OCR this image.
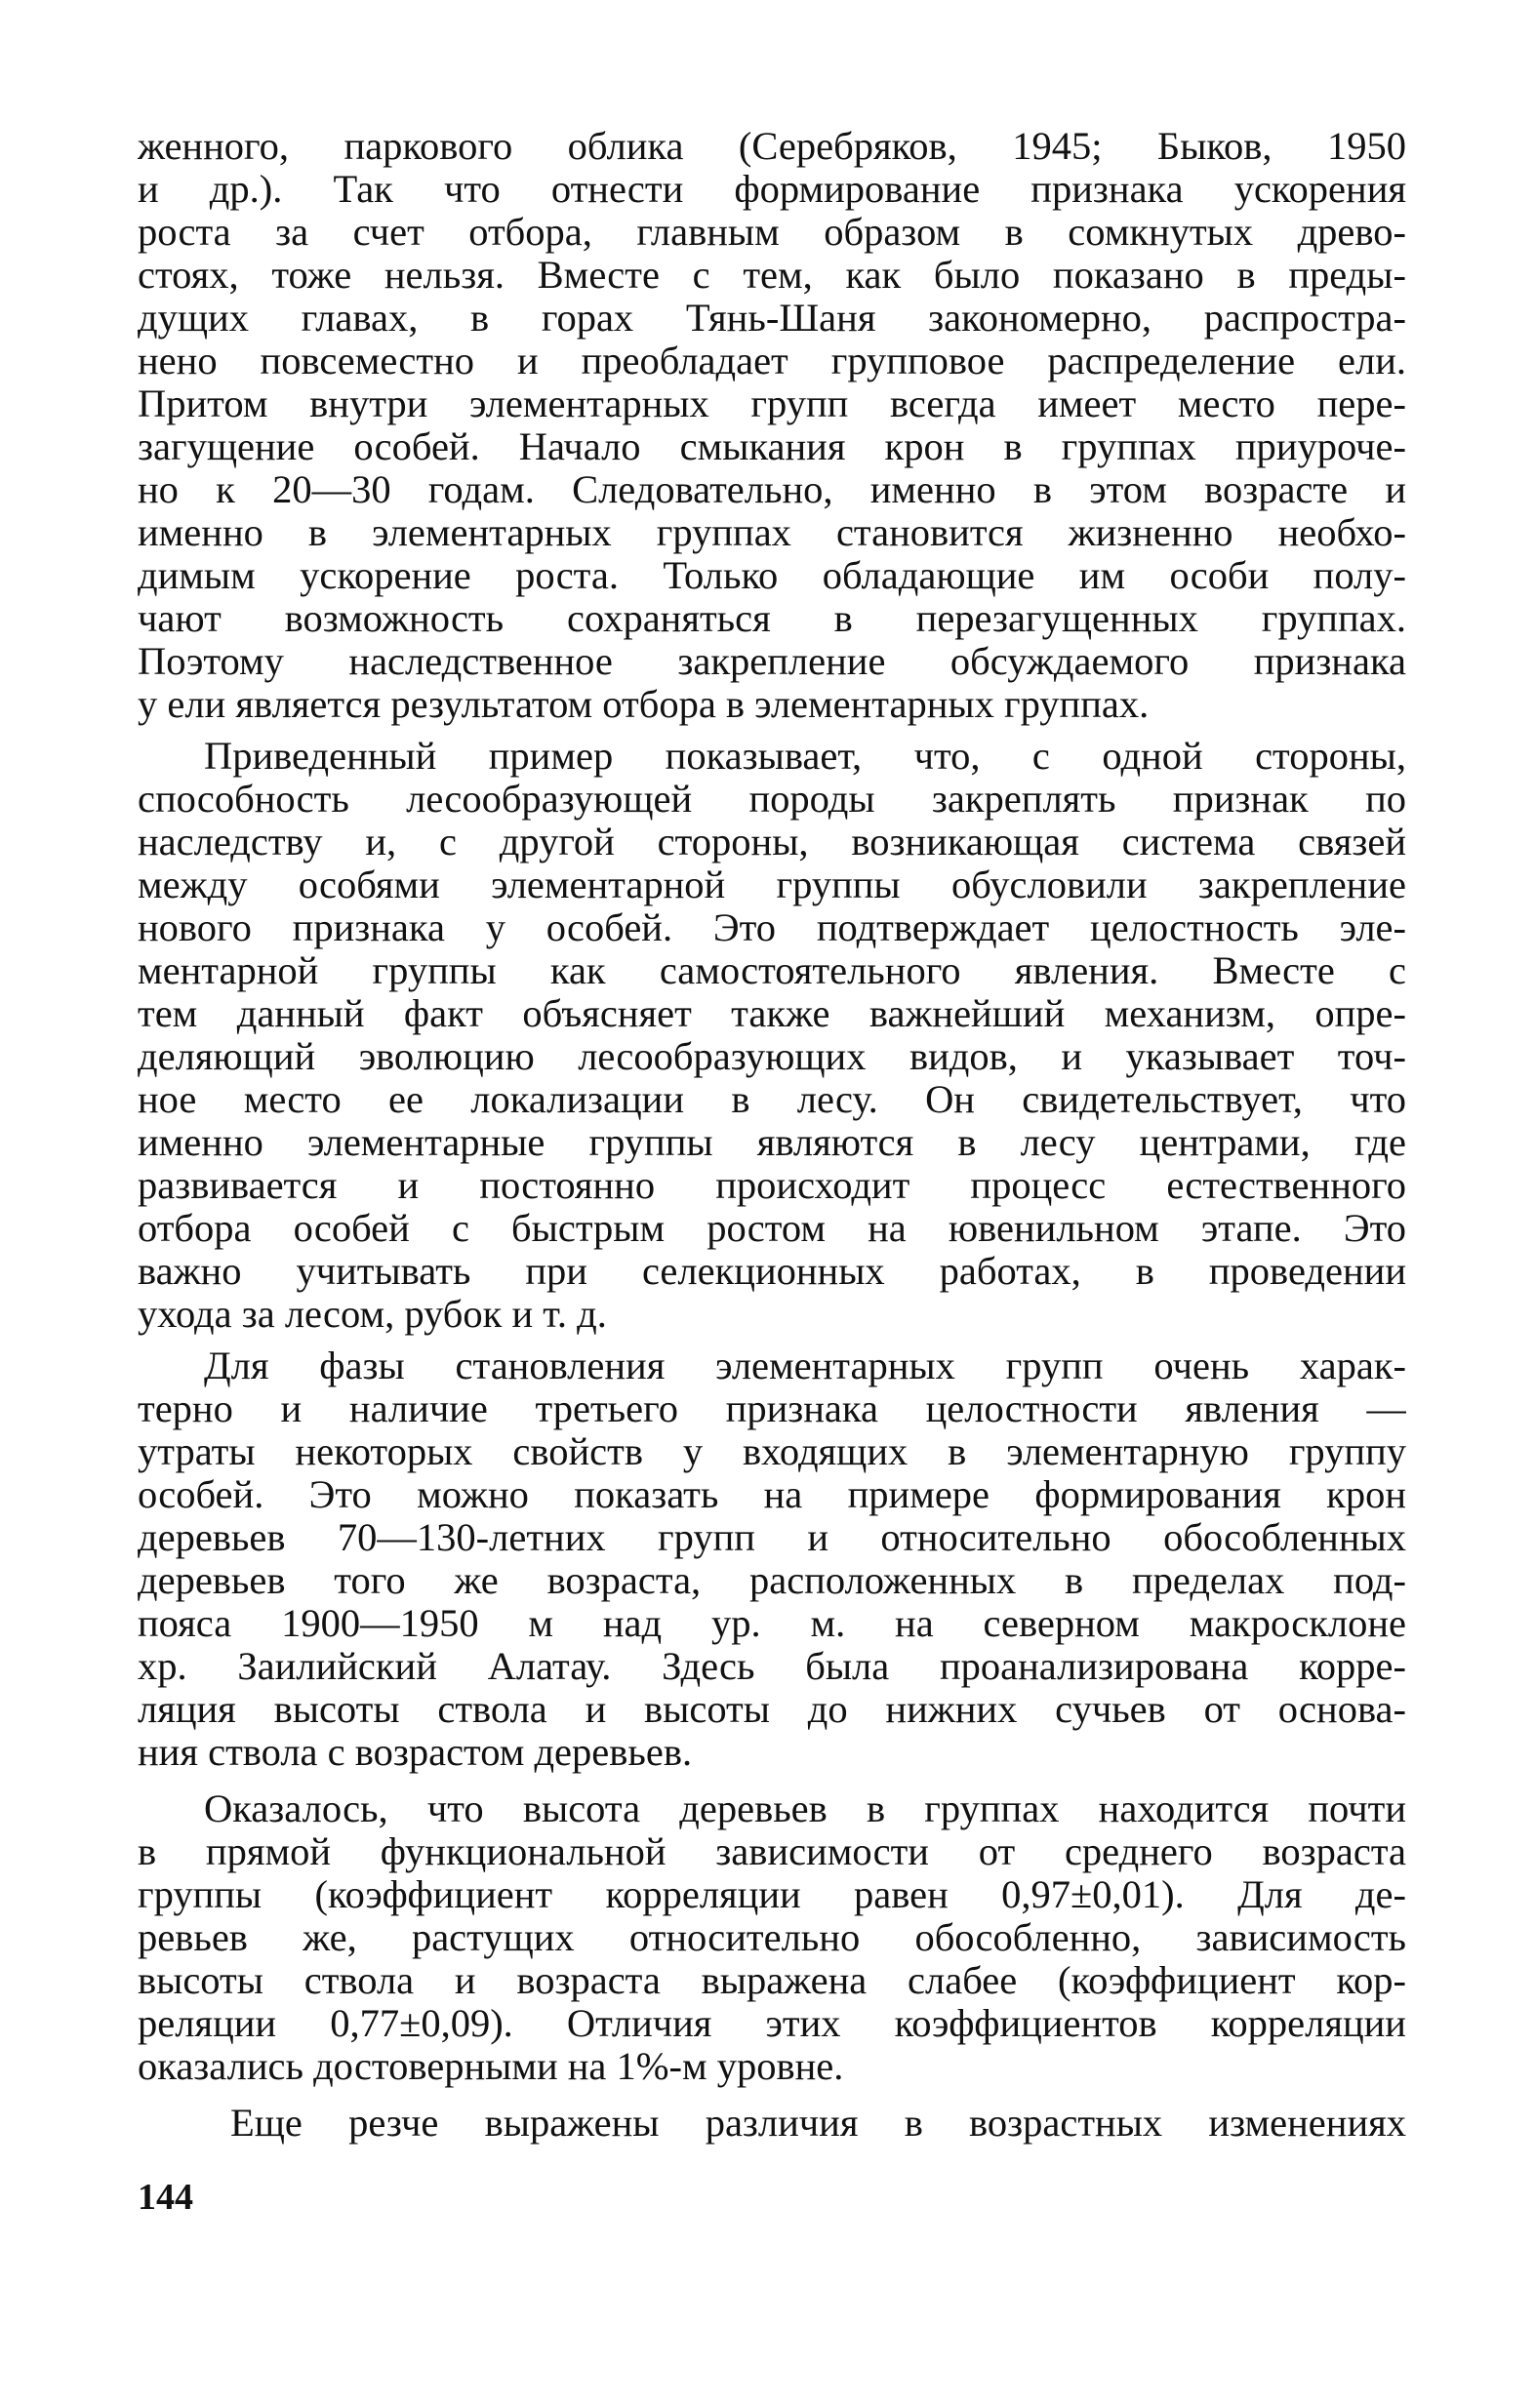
женного, паркового облика (Серебряков, 1945; Быков, 1950
и др.). Так что отнести формирование признака ускорения
роста за счет отбора, главным образом в сомкнутых древо-
стоях, тоже нельзя. Вместе с тем, как было показано в преды-
дущих главах, в горах Тянь-Шаня закономерно, распростра-
нено повсеместно и преобладает групповое распределение ели.
Притом внутри элементарных групп всегда имеет место пере-
загущение особей. Начало смыкания крон в группах приуроче-
но к 20—30 годам. Следовательно, именно в этом возрасте и
именно в элементарных группах становится жизненно необхо-
димым ускорение роста. Только обладающие им особи полу-
чают возможность сохраняться в перезагущенных группах.
Поэтому наследственное закрепление обсуждаемого признака
у ели является результатом отбора в элементарных группах.
Приведенный пример показывает, что, с одной стороны,
способность лесообразующей породы закреплять признак по
наследству и, с другой стороны, возникающая система связей
между особями элементарной группы обусловили закрепление
нового признака у особей. Это подтверждает целостность эле-
ментарной группы как самостоятельного явления. Вместе с
тем данный факт объясняет также важнейший механизм, опре-
деляющий эволюцию лесообразующих видов, и указывает точ-
ное место ее локализации в лесу. Он свидетельствует, что
именно элементарные группы являются в лесу центрами, где
развивается и постоянно происходит процесс естественного
отбора особей с быстрым ростом на ювенильном этапе. Это
важно учитывать при селекционных работах, в проведении
ухода за лесом, рубок и т. д.
Для фазы становления элементарных групп очень харак-
терно и наличие третьего признака целостности явления —
утраты некоторых свойств у входящих в элементарную группу
особей. Это можно показать на примере формирования крон
деревьев 70—130-летних групп и относительно обособленных
деревьев того же возраста, расположенных в пределах под-
пояса 1900—1950 м над ур. м. на северном макросклоне
хр. Заилийский Алатау. Здесь была проанализирована корре-
ляция высоты ствола и высоты до нижних сучьев от основа-
ния ствола с возрастом деревьев.
Оказалось, что высота деревьев в группах находится почти
в прямой функциональной зависимости от среднего возраста
группы (коэффициент корреляции равен 0,97±0,01). Для де-
ревьев же, растущих относительно обособленно, зависимость
высоты ствола и возраста выражена слабее (коэффициент кор-
реляции 0,77±0,09). Отличия этих коэффициентов корреляции
оказались достоверными на 1%-м уровне.
Еще резче выражены различия в возрастных изменениях
144
